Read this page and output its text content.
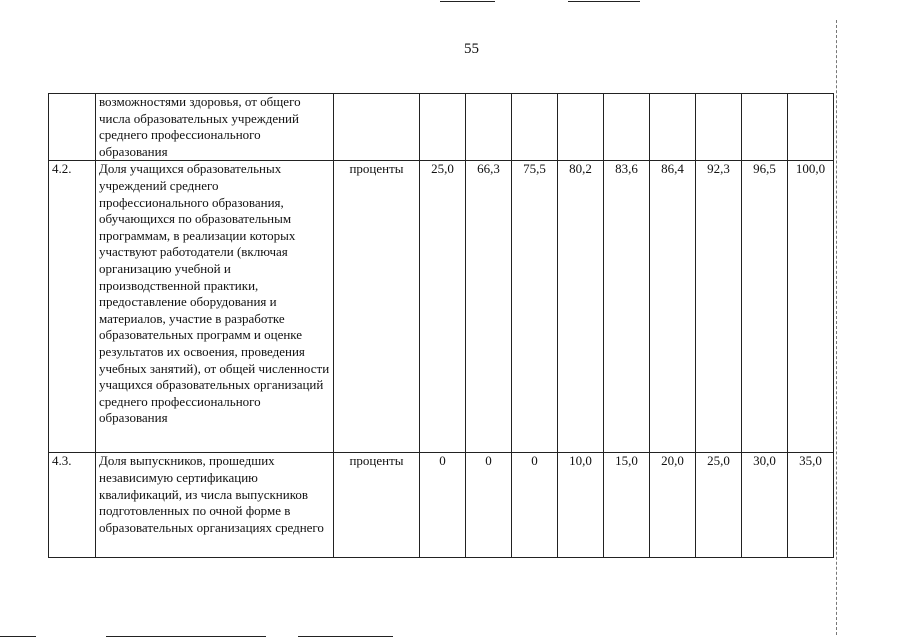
55
	возможностями здоровья, от общего числа образовательных учреждений среднего профессионального образования										
4.2.	Доля учащихся образовательных учреждений среднего профессионального образования, обучающихся по образовательным программам, в реализации которых участвуют работодатели (включая организацию учебной и производственной практики, предоставление оборудования и материалов, участие в разработке образовательных программ и оценке результатов их освоения, проведения учебных занятий), от общей численности учащихся образовательных организаций среднего профессионального образования	проценты	25,0	66,3	75,5	80,2	83,6	86,4	92,3	96,5	100,0
4.3.	Доля выпускников, прошедших независимую сертификацию квалификаций, из числа выпускников подготовленных по очной форме в образовательных организациях среднего	проценты	0	0	0	10,0	15,0	20,0	25,0	30,0	35,0
